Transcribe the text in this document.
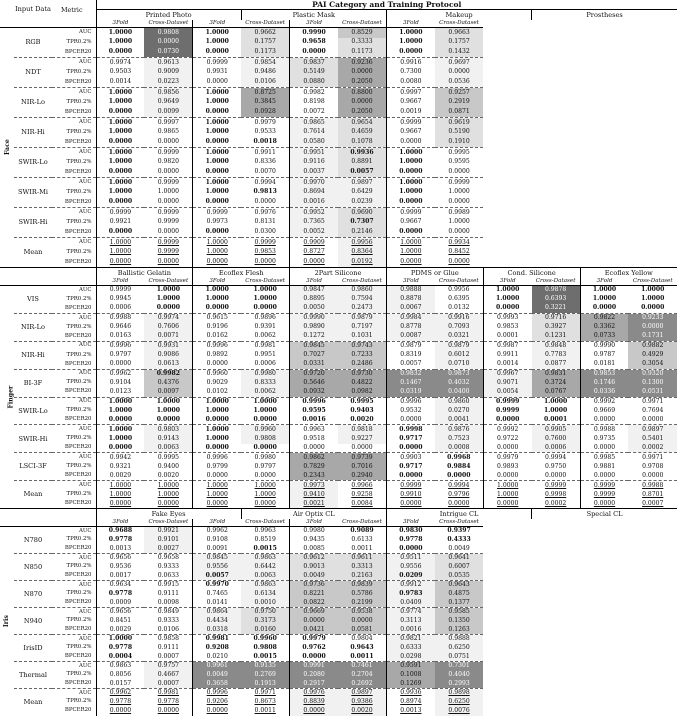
	Input Data	Metric	PAI Category and Training Protocol											
			Printed Photo			Plastic Mask			Makeup			Prostheses		
			3Fold	Cross-Dataset	3Fold	Cross-Dataset	3Fold	Cross-Dataset	3Fold	Cross-Dataset				
Face	RGB	AUC	1.0000	0.9808	1.0000	0.9662	0.9990	0.8529	1.0000	0.9663				
		TPR0.2%	1.0000	0.0000	1.0000	0.1757	0.9658	0.3333	1.0000	0.1757				
		BPCER20	0.0000	0.0730	0.0000	0.1173	0.0000	0.1173	0.0000	0.1432				
	NDT	AUC	0.9974	0.9613	0.9999	0.9854	0.9837	0.9236	0.9916	0.9697				
		TPR0.2%	0.9503	0.9009	0.9931	0.9486	0.5149	0.0000	0.7300	0.0000				
		BPCER20	0.0014	0.0223	0.0000	0.0106	0.0880	0.2050	0.0080	0.0536				
	NIR-Lo	AUC	1.0000	0.9856	1.0000	0.8725	0.9982	0.8800	0.9997	0.9257				
		TPR0.2%	1.0000	0.9649	1.0000	0.3845	0.8198	0.0000	0.9667	0.2919				
		BPCER20	0.0000	0.0099	0.0000	0.0928	0.0072	0.2050	0.0019	0.0871				
	NIR-Hi	AUC	1.0000	0.9997	1.0000	0.9979	0.9865	0.9654	0.9999	0.9619				
		TPR0.2%	1.0000	0.9865	1.0000	0.9533	0.7614	0.4659	0.9667	0.5190				
		BPCER20	0.0000	0.0000	0.0000	0.0018	0.0580	0.1078	0.0000	0.1910				
	SWIR-Lo	AUC	1.0000	0.9999	1.0000	0.9911	0.9951	0.9936	1.0000	0.9995				
		TPR0.2%	1.0000	0.9820	1.0000	0.8336	0.9116	0.8891	1.0000	0.9595				
		BPCER20	0.0000	0.0000	0.0000	0.0070	0.0037	0.0057	0.0000	0.0000				
	SWIR-Mi	AUC	1.0000	0.9999	1.0000	0.9994	0.9970	0.9897	1.0000	0.9999				
		TPR0.2%	1.0000	1.0000	1.0000	0.9813	0.8694	0.6429	1.0000	1.0000				
		BPCER20	0.0000	0.0000	0.0000	0.0000	0.0016	0.0239	0.0000	0.0000				
	SWIR-Hi	AUC	0.9999	0.9999	0.9999	0.9976	0.9952	0.9690	0.9999	0.9989				
		TPR0.2%	0.9921	0.9999	0.9973	0.8131	0.7365	0.7307	0.9667	1.0000				
		BPCER20	0.0000	0.0000	0.0000	0.0300	0.0052	0.2146	0.0000	0.0000				
	Mean	AUC	1.0000	0.9999	1.0000	0.9999	0.9909	0.9956	1.0000	0.9934				
		TPR0.2%	1.0000	0.9999	1.0000	0.9853	0.8727	0.8364	1.0000	0.8452				
		BPCER20	0.0000	0.0000	0.0000	0.0000	0.0000	0.0192	0.0000	0.0000				
			Ballistic Gelatin		Ecoflex Flesh		2Part Silicone		PDMS or Glue		Cond. Silicone		Ecoflex Yellow	
			3Fold	Cross-Dataset	3Fold	Cross-Dataset	3Fold	Cross-Dataset	3Fold	Cross-Dataset	3Fold	Cross-Dataset	3Fold	Cross-Dataset
Finger	VIS	AUC	0.9999	1.0000	1.0000	1.0000	0.9847	0.9860	0.9888	0.9956	1.0000	0.9878	1.0000	1.0000
		TPR0.2%	0.9945	1.0000	1.0000	1.0000	0.8895	0.7594	0.8878	0.6395	1.0000	0.6393	1.0000	1.0000
		BPCER20	0.0006	0.0000	0.0000	0.0000	0.0050	0.2473	0.0067	0.0132	0.0000	0.3221	0.0000	0.0000
	NIR-Lo	AUC	0.9988	0.9974	0.9615	0.9896	0.9990	0.9879	0.9984	0.9916	0.9993	0.9716	0.9822	0.9233
		TPR0.2%	0.9646	0.7606	0.9196	0.9391	0.9890	0.7197	0.8778	0.7093	0.9853	0.3927	0.3362	0.0000
		BPCER20	0.0163	0.0071	0.0162	0.0062	0.1272	0.1031	0.0087	0.0321	0.0001	0.1231	0.0733	0.1731
	NIR-Hi	AUC	0.9996	0.9931	0.9996	0.9981	0.9845	0.9743	0.9879	0.9879	0.9987	0.9848	0.9990	0.9882
		TPR0.2%	0.9797	0.9086	0.9892	0.9951	0.7027	0.7233	0.8319	0.6012	0.9911	0.7783	0.9787	0.4929
		BPCER20	0.0000	0.0613	0.0000	0.0006	0.0331	0.2486	0.0057	0.0710	0.0014	0.0877	0.0181	0.3054
	BI-3F	AUC	0.9962	0.9982	0.9960	0.9980	0.9720	0.9730	0.9832	0.9873	0.9967	0.9831	0.9853	0.9320
		TPR0.2%	0.9104	0.4376	0.9029	0.8333	0.5646	0.4822	0.1467	0.4032	0.9071	0.3724	0.1746	0.1300
		BPCER20	0.0123	0.0097	0.0102	0.0062	0.0932	0.0982	0.0319	0.0400	0.0054	0.0767	0.0336	0.0531
	SWIR-Lo	AUC	1.0000	1.0000	1.0000	1.0000	0.9996	0.9995	0.9996	0.9860	0.9999	1.0000	0.9992	0.9971
		TPR0.2%	1.0000	1.0000	1.0000	1.0000	0.9595	0.9403	0.9532	0.0270	0.9999	1.0000	0.9669	0.7694
		BPCER20	0.0000	0.0000	0.0000	0.0000	0.0016	0.0020	0.0000	0.0041	0.0000	0.0001	0.0000	0.0000
	SWIR-Hi	AUC	1.0000	0.9803	1.0000	0.9960	0.9963	0.9818	0.9998	0.9876	0.9992	0.9905	0.9988	0.9897
		TPR0.2%	1.0000	0.9143	1.0000	0.9808	0.9518	0.9227	0.9717	0.7523	0.9722	0.7600	0.9735	0.5401
		BPCER20	0.0000	0.0063	0.0000	0.0000	0.0000	0.0000	0.0000	0.0008	0.0000	0.0006	0.0000	0.0002
	LSCI-3F	AUC	0.9942	0.9995	0.9996	0.9980	0.9862	0.9739	0.9903	0.9968	0.9979	0.9994	0.9985	0.9971
		TPR0.2%	0.9321	0.9400	0.9799	0.9797	0.7829	0.7016	0.9717	0.9884	0.9893	0.9750	0.9881	0.9708
		BPCER20	0.0029	0.0020	0.0000	0.0000	0.2343	0.2940	0.0000	0.0000	0.0000	0.0000	0.0000	0.0000
	Mean	AUC	1.0000	1.0000	1.0000	1.0000	0.9973	0.9966	0.9999	0.9994	1.0000	0.9999	0.9999	0.9988
		TPR0.2%	1.0000	1.0000	1.0000	1.0000	0.9410	0.9258	0.9910	0.9796	1.0000	0.9998	0.9999	0.8701
		BPCER20	0.0000	0.0000	0.0000	0.0000	0.0021	0.0084	0.0000	0.0000	0.0000	0.0002	0.0000	0.0007
			Fake Eyes			Air Optix CL			Intrigue CL			Special CL		
			3Fold	Cross-Dataset	3Fold	Cross-Dataset	3Fold	Cross-Dataset	3Fold	Cross-Dataset				
Iris	N780	AUC	0.9688	0.9921	0.9962	0.9963	0.9980	0.9089	0.9830	0.9397				
		TPR0.2%	0.9778	0.9101	0.9108	0.8519	0.9435	0.6133	0.9778	0.4333				
		BPCER20	0.0013	0.0027	0.0091	0.0015	0.0085	0.0011	0.0000	0.0049				
	N850	AUC	0.9656	0.9658	0.9845	0.9863	0.9612	0.9611	0.9511	0.9641				
		TPR0.2%	0.9536	0.9333	0.9556	0.6442	0.9013	0.3313	0.9556	0.6007				
		BPCER20	0.0017	0.0633	0.0057	0.0063	0.0049	0.2163	0.0209	0.0535				
	N870	AUC	0.9634	0.9915	0.9970	0.9863	0.9736	0.9839	0.9912	0.9643				
		TPR0.2%	0.9778	0.9111	0.7465	0.6134	0.8221	0.5786	0.9783	0.4875				
		BPCER20	0.0009	0.0098	0.0141	0.0010	0.0822	0.2199	0.0409	0.1377				
	N940	AUC	0.9656	0.9849	0.9864	0.9750	0.9669	0.9538	0.9774	0.9585				
		TPR0.2%	0.8451	0.9333	0.4434	0.3173	0.0000	0.0000	0.3113	0.1350				
		BPCER20	0.0029	0.0106	0.0318	0.0160	0.0421	0.0581	0.0016	0.1263				
	IrisID	AUC	1.0000	0.9858	0.9981	0.9960	0.9979	0.9804	0.9821	0.9888				
		TPR0.2%	0.9778	0.9111	0.9208	0.9808	0.9762	0.9643	0.6333	0.6250				
		BPCER20	0.0004	0.0007	0.0210	0.0015	0.0000	0.0011	0.0298	0.0751				
	Thermal	AUC	0.9863	0.9757	0.9961	0.9135	0.9991	0.7461	0.9591	0.7301				
		TPR0.2%	0.8056	0.4667	0.0049	0.2769	0.2080	0.2704	0.1008	0.4040				
		BPCER20	0.0157	0.0007	0.3658	0.1913	0.2917	0.2692	0.1269	0.2993				
	Mean	AUC	0.9962	0.9981	0.9996	0.9971	0.9976	0.9897	0.9936	0.9898				
		TPR0.2%	0.9778	0.9778	0.9206	0.8673	0.8839	0.9386	0.8974	0.6250				
		BPCER20	0.0000	0.0000	0.0000	0.0011	0.0000	0.0020	0.0013	0.0076				
